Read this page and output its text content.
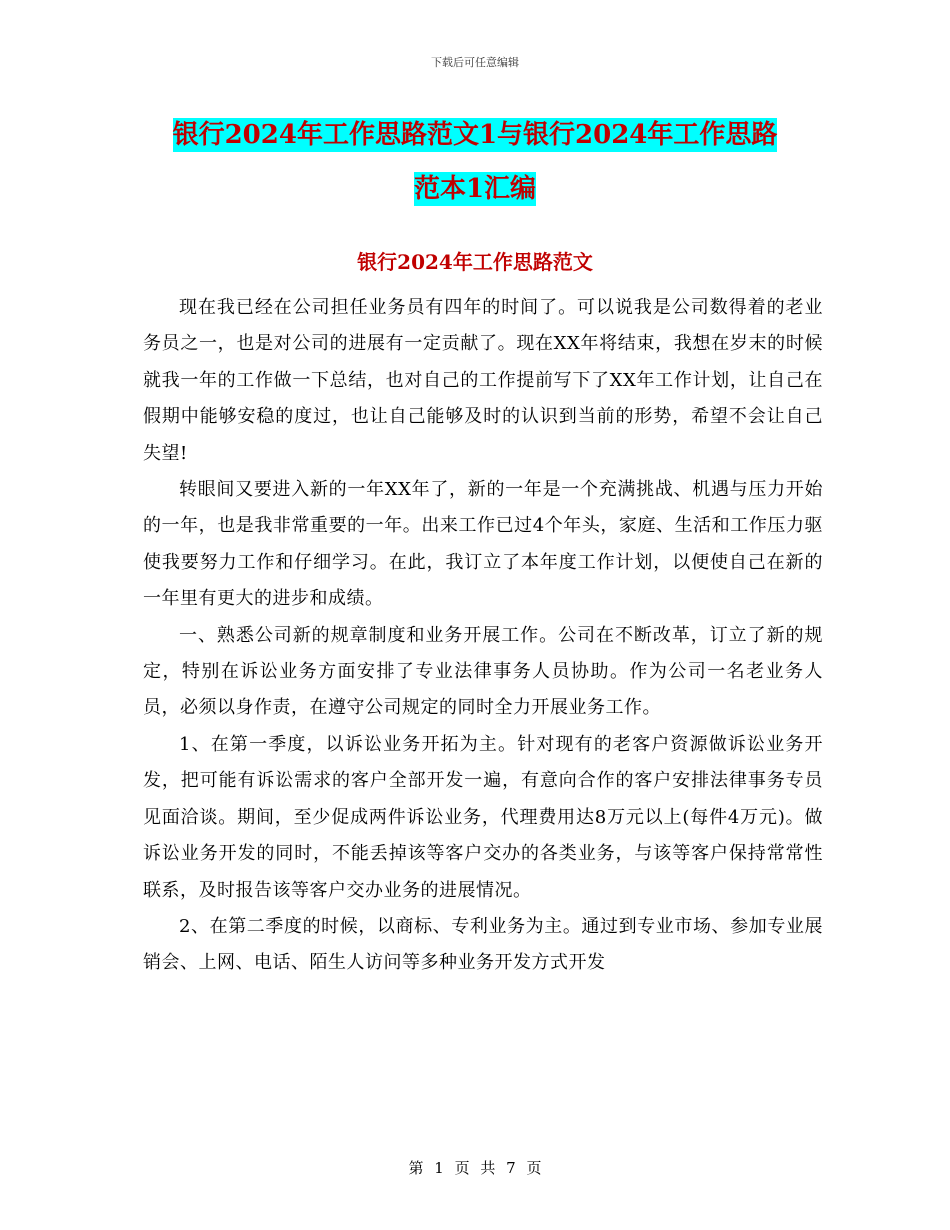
下载后可任意编辑
银行2024年工作思路范文1与银行2024年工作思路
范本1汇编
银行2024年工作思路范文

现在我已经在公司担任业务员有四年的时间了。可以说我是公司数得着的老业务员之一，也是对公司的进展有一定贡献了。现在XX年将结束，我想在岁末的时候就我一年的工作做一下总结，也对自己的工作提前写下了XX年工作计划，让自己在假期中能够安稳的度过，也让自己能够及时的认识到当前的形势，希望不会让自己失望!

转眼间又要进入新的一年XX年了，新的一年是一个充满挑战、机遇与压力开始的一年，也是我非常重要的一年。出来工作已过4个年头，家庭、生活和工作压力驱使我要努力工作和仔细学习。在此，我订立了本年度工作计划，以便使自己在新的一年里有更大的进步和成绩。

一、熟悉公司新的规章制度和业务开展工作。公司在不断改革，订立了新的规定，特别在诉讼业务方面安排了专业法律事务人员协助。作为公司一名老业务人员，必须以身作责，在遵守公司规定的同时全力开展业务工作。

1、在第一季度，以诉讼业务开拓为主。针对现有的老客户资源做诉讼业务开发，把可能有诉讼需求的客户全部开发一遍，有意向合作的客户安排法律事务专员见面洽谈。期间，至少促成两件诉讼业务，代理费用达8万元以上(每件4万元)。做诉讼业务开发的同时，不能丢掉该等客户交办的各类业务，与该等客户保持常常性联系，及时报告该等客户交办业务的进展情况。

2、在第二季度的时候，以商标、专利业务为主。通过到专业市场、参加专业展销会、上网、电话、陌生人访问等多种业务开发方式开发

第 1 页 共 7 页
